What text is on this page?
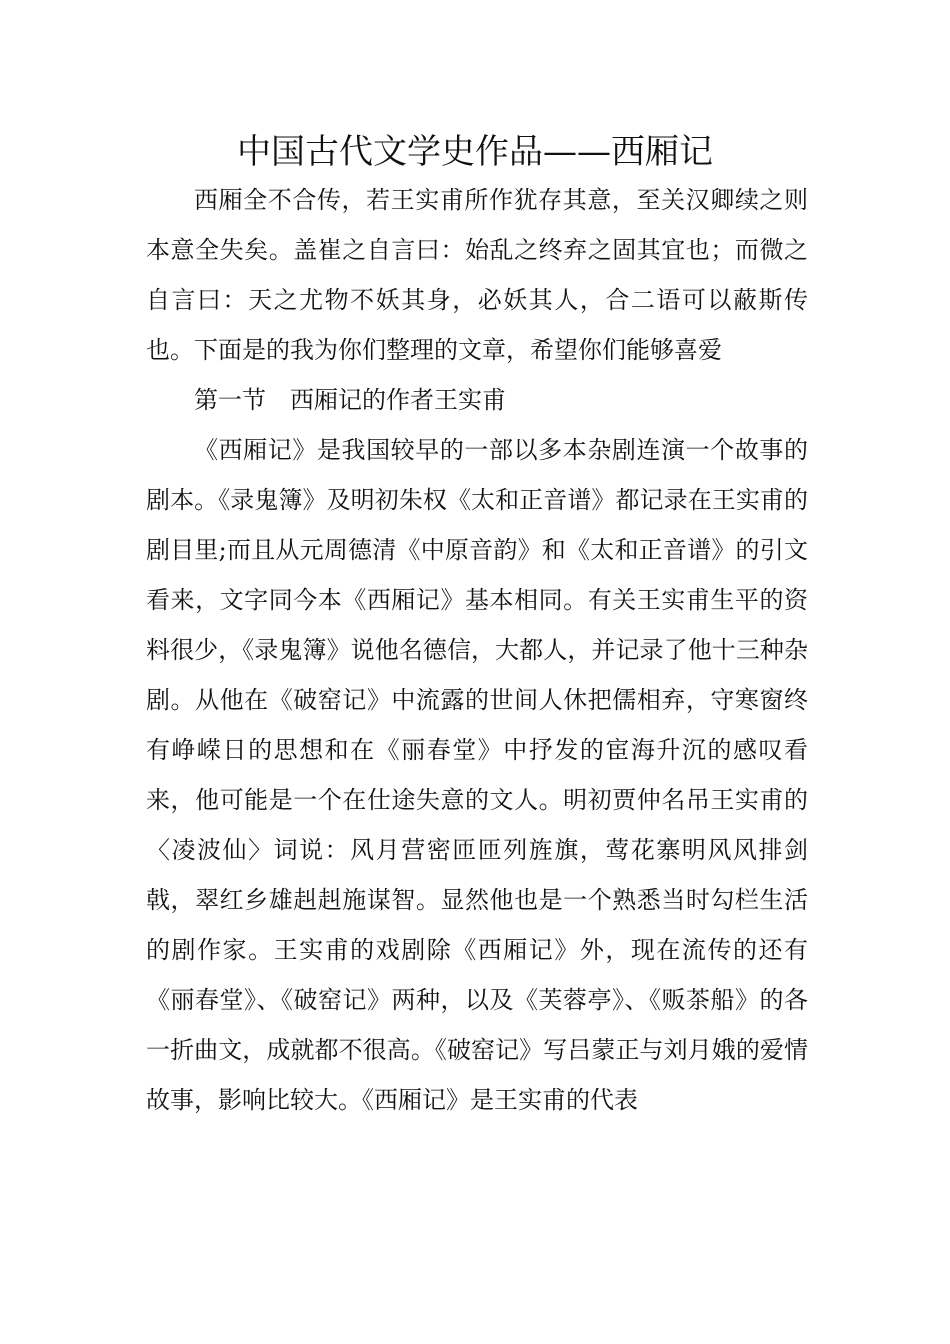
中国古代文学史作品——西厢记

西厢全不合传，若王实甫所作犹存其意，至关汉卿续之则本意全失矣。盖崔之自言曰：始乱之终弃之固其宜也；而微之自言曰：天之尤物不妖其身，必妖其人，合二语可以蔽斯传也。下面是的我为你们整理的文章，希望你们能够喜爱

第一节　西厢记的作者王实甫

《西厢记》是我国较早的一部以多本杂剧连演一个故事的剧本。《录鬼簿》及明初朱权《太和正音谱》都记录在王实甫的剧目里;而且从元周德清《中原音韵》和《太和正音谱》的引文看来，文字同今本《西厢记》基本相同。有关王实甫生平的资料很少，《录鬼簿》说他名德信，大都人，并记录了他十三种杂剧。从他在《破窑记》中流露的世间人休把儒相弃，守寒窗终有峥嵘日的思想和在《丽春堂》中抒发的宦海升沉的感叹看来，他可能是一个在仕途失意的文人。明初贾仲名吊王实甫的〈凌波仙〉词说：风月营密匝匝列旌旗，莺花寨明风风排剑戟，翠红乡雄赳赳施谋智。显然他也是一个熟悉当时勾栏生活的剧作家。王实甫的戏剧除《西厢记》外，现在流传的还有《丽春堂》、《破窑记》两种，以及《芙蓉亭》、《贩茶船》的各一折曲文，成就都不很高。《破窑记》写吕蒙正与刘月娥的爱情故事，影响比较大。《西厢记》是王实甫的代表
